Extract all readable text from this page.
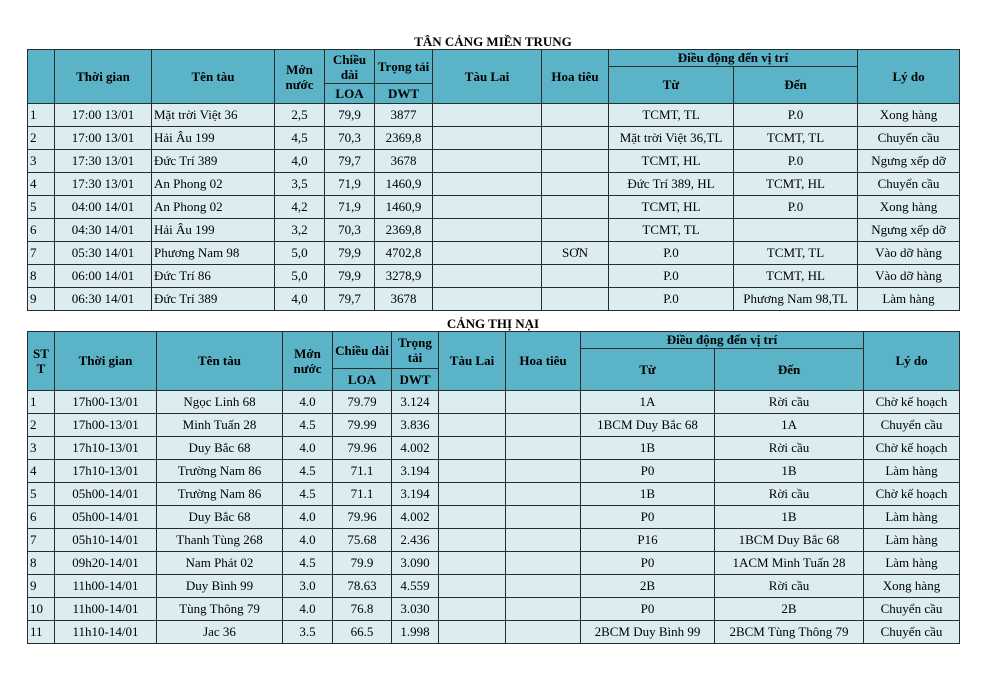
TÂN CẢNG MIỀN TRUNG
	Thời gian	Tên tàu	Mớn nước	Chiều dài	Trọng tải	Tàu Lai	Hoa tiêu	Điều động đến vị trí		Lý do
								Từ	Đến	
				LOA	DWT					
1	17:00 13/01	Mặt trời Việt 36	2,5	79,9	3877			TCMT, TL	P.0	Xong hàng
2	17:00 13/01	Hải Âu 199	4,5	70,3	2369,8			Mặt trời Việt 36,TL	TCMT, TL	Chuyển cầu
3	17:30 13/01	Đức Trí 389	4,0	79,7	3678			TCMT, HL	P.0	Ngưng xếp dỡ
4	17:30 13/01	An Phong 02	3,5	71,9	1460,9			Đức Trí 389, HL	TCMT, HL	Chuyển cầu
5	04:00 14/01	An Phong 02	4,2	71,9	1460,9			TCMT, HL	P.0	Xong hàng
6	04:30 14/01	Hải Âu 199	3,2	70,3	2369,8			TCMT, TL		Ngưng xếp dỡ
7	05:30 14/01	Phương Nam 98	5,0	79,9	4702,8		SƠN	P.0	TCMT, TL	Vào dỡ hàng
8	06:00 14/01	Đức Trí 86	5,0	79,9	3278,9			P.0	TCMT, HL	Vào dỡ hàng
9	06:30 14/01	Đức Trí 389	4,0	79,7	3678			P.0	Phương Nam 98,TL	Làm hàng
CẢNG THỊ NẠI
STT	Thời gian	Tên tàu	Mớn nước	Chiều dài	Trọng tải	Tàu Lai	Hoa tiêu	Điều động đến vị trí		Lý do
								Từ	Đến	
				LOA	DWT					
1	17h00-13/01	Ngọc Linh 68	4.0	79.79	3.124			1A	Rời cầu	Chờ kế hoạch
2	17h00-13/01	Minh Tuấn 28	4.5	79.99	3.836			1BCM Duy Bắc 68	1A	Chuyển cầu
3	17h10-13/01	Duy Bắc 68	4.0	79.96	4.002			1B	Rời cầu	Chờ kế hoạch
4	17h10-13/01	Trường Nam 86	4.5	71.1	3.194			P0	1B	Làm hàng
5	05h00-14/01	Trường Nam 86	4.5	71.1	3.194			1B	Rời cầu	Chờ kế hoạch
6	05h00-14/01	Duy Bắc 68	4.0	79.96	4.002			P0	1B	Làm hàng
7	05h10-14/01	Thanh Tùng 268	4.0	75.68	2.436			P16	1BCM Duy Bắc 68	Làm hàng
8	09h20-14/01	Nam Phát 02	4.5	79.9	3.090			P0	1ACM Minh Tuấn 28	Làm hàng
9	11h00-14/01	Duy Bình 99	3.0	78.63	4.559			2B	Rời cầu	Xong hàng
10	11h00-14/01	Tùng Thông 79	4.0	76.8	3.030			P0	2B	Chuyển cầu
11	11h10-14/01	Jac 36	3.5	66.5	1.998			2BCM Duy Bình 99	2BCM Tùng Thông 79	Chuyển cầu
